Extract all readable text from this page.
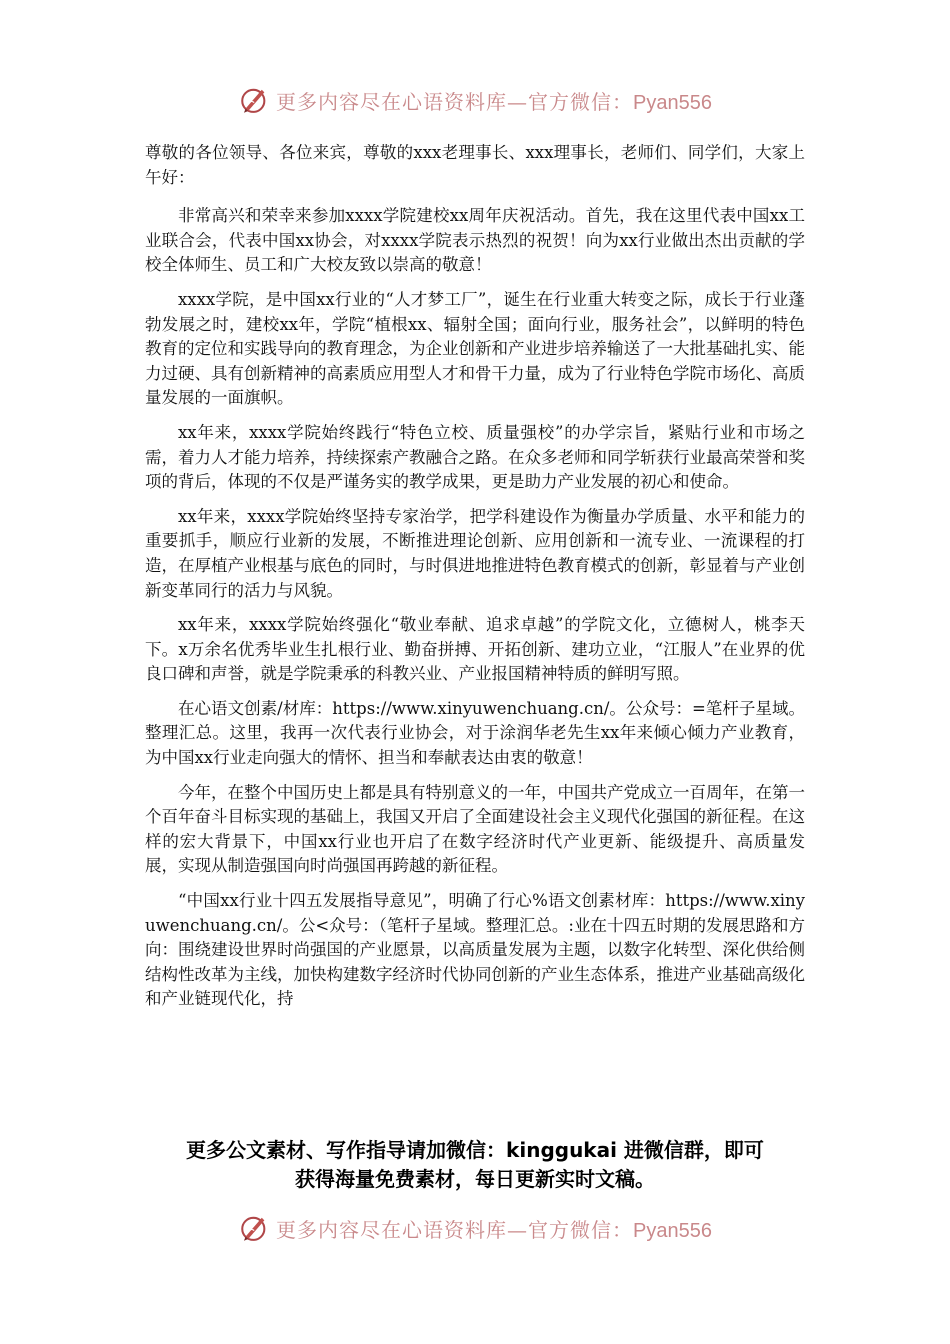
更多内容尽在心语资料库—官方微信：Pyan556

尊敬的各位领导、各位来宾，尊敬的xxx老理事长、xxx理事长，老师们、同学们，大家上午好：

非常高兴和荣幸来参加xxxx学院建校xx周年庆祝活动。首先，我在这里代表中国xx工业联合会，代表中国xx协会，对xxxx学院表示热烈的祝贺！向为xx行业做出杰出贡献的学校全体师生、员工和广大校友致以崇高的敬意！

xxxx学院，是中国xx行业的“人才梦工厂”，诞生在行业重大转变之际，成长于行业蓬勃发展之时，建校xx年，学院“植根xx、辐射全国；面向行业，服务社会”，以鲜明的特色教育的定位和实践导向的教育理念，为企业创新和产业进步培养输送了一大批基础扎实、能力过硬、具有创新精神的高素质应用型人才和骨干力量，成为了行业特色学院市场化、高质量发展的一面旗帜。

xx年来，xxxx学院始终践行“特色立校、质量强校”的办学宗旨，紧贴行业和市场之需，着力人才能力培养，持续探索产教融合之路。在众多老师和同学斩获行业最高荣誉和奖项的背后，体现的不仅是严谨务实的教学成果，更是助力产业发展的初心和使命。

xx年来，xxxx学院始终坚持专家治学，把学科建设作为衡量办学质量、水平和能力的重要抓手，顺应行业新的发展，不断推进理论创新、应用创新和一流专业、一流课程的打造，在厚植产业根基与底色的同时，与时俱进地推进特色教育模式的创新，彰显着与产业创新变革同行的活力与风貌。

xx年来，xxxx学院始终强化“敬业奉献、追求卓越”的学院文化，立德树人，桃李天下。x万余名优秀毕业生扎根行业、勤奋拼搏、开拓创新、建功立业，“江服人”在业界的优良口碑和声誉，就是学院秉承的科教兴业、产业报国精神特质的鲜明写照。

在心语文创素/材库：https://www.xinyuwenchuang.cn/。公众号：=笔杆子星域。整理汇总。这里，我再一次代表行业协会，对于涂润华老先生xx年来倾心倾力产业教育，为中国xx行业走向强大的情怀、担当和奉献表达由衷的敬意！

今年，在整个中国历史上都是具有特别意义的一年，中国共产党成立一百周年，在第一个百年奋斗目标实现的基础上，我国又开启了全面建设社会主义现代化强国的新征程。在这样的宏大背景下，中国xx行业也开启了在数字经济时代产业更新、能级提升、高质量发展，实现从制造强国向时尚强国再跨越的新征程。

“中国xx行业十四五发展指导意见”，明确了行心%语文创素材库：https://www.xinyuwenchuang.cn/。公<众号：（笔杆子星域。整理汇总。:业在十四五时期的发展思路和方向：围绕建设世界时尚强国的产业愿景，以高质量发展为主题，以数字化转型、深化供给侧结构性改革为主线，加快构建数字经济时代协同创新的产业生态体系，推进产业基础高级化和产业链现代化，持

更多公文素材、写作指导请加微信：kinggukai 进微信群，即可
获得海量免费素材，每日更新实时文稿。
更多内容尽在心语资料库—官方微信：Pyan556
